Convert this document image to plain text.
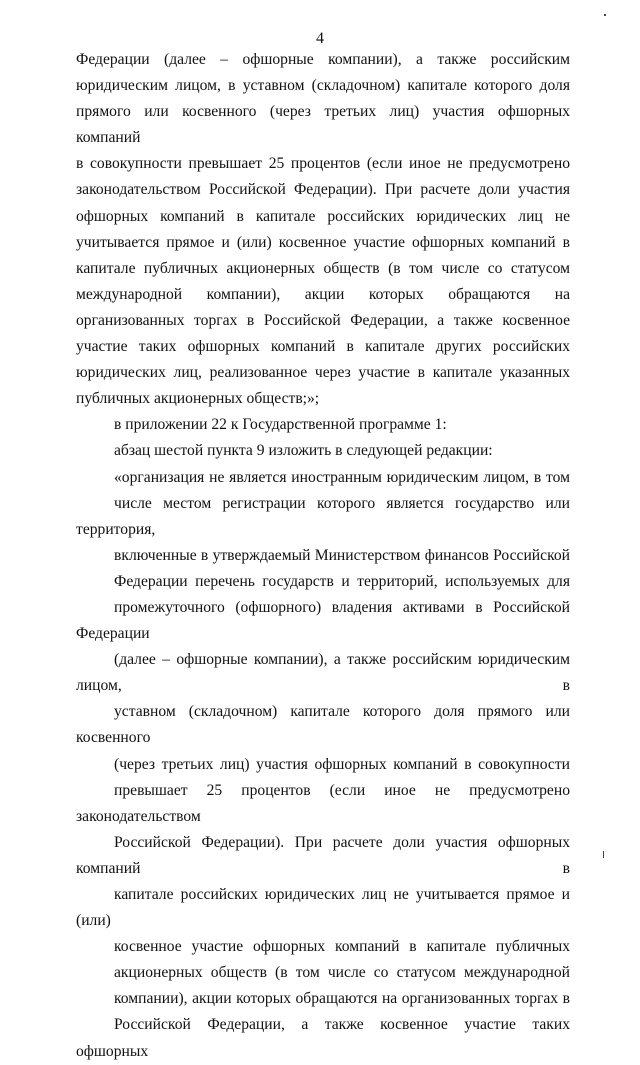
4

Федерации (далее – офшорные компании), а также российским
юридическим лицом, в уставном (складочном) капитале которого доля
прямого или косвенного (через третьих лиц) участия офшорных компаний
в совокупности превышает 25 процентов (если иное не предусмотрено
законодательством Российской Федерации). При расчете доли участия
офшорных компаний в капитале российских юридических лиц не
учитывается прямое и (или) косвенное участие офшорных компаний в
капитале публичных акционерных обществ (в том числе со статусом
международной компании), акции которых обращаются на
организованных торгах в Российской Федерации, а также косвенное
участие таких офшорных компаний в капитале других российских
юридических лиц, реализованное через участие в капитале указанных
публичных акционерных обществ;»;

в приложении 22 к Государственной программе 1:

абзац шестой пункта 9 изложить в следующей редакции:

«организация не является иностранным юридическим лицом, в том
числе местом регистрации которого является государство или территория,
включенные в утверждаемый Министерством финансов Российской
Федерации перечень государств и территорий, используемых для
промежуточного (офшорного) владения активами в Российской Федерации
(далее – офшорные компании), а также российским юридическим лицом, в
уставном (складочном) капитале которого доля прямого или косвенного
(через третьих лиц) участия офшорных компаний в совокупности
превышает 25 процентов (если иное не предусмотрено законодательством
Российской Федерации). При расчете доли участия офшорных компаний в
капитале российских юридических лиц не учитывается прямое и (или)
косвенное участие офшорных компаний в капитале публичных
акционерных обществ (в том числе со статусом международной
компании), акции которых обращаются на организованных торгах в
Российской Федерации, а также косвенное участие таких офшорных
